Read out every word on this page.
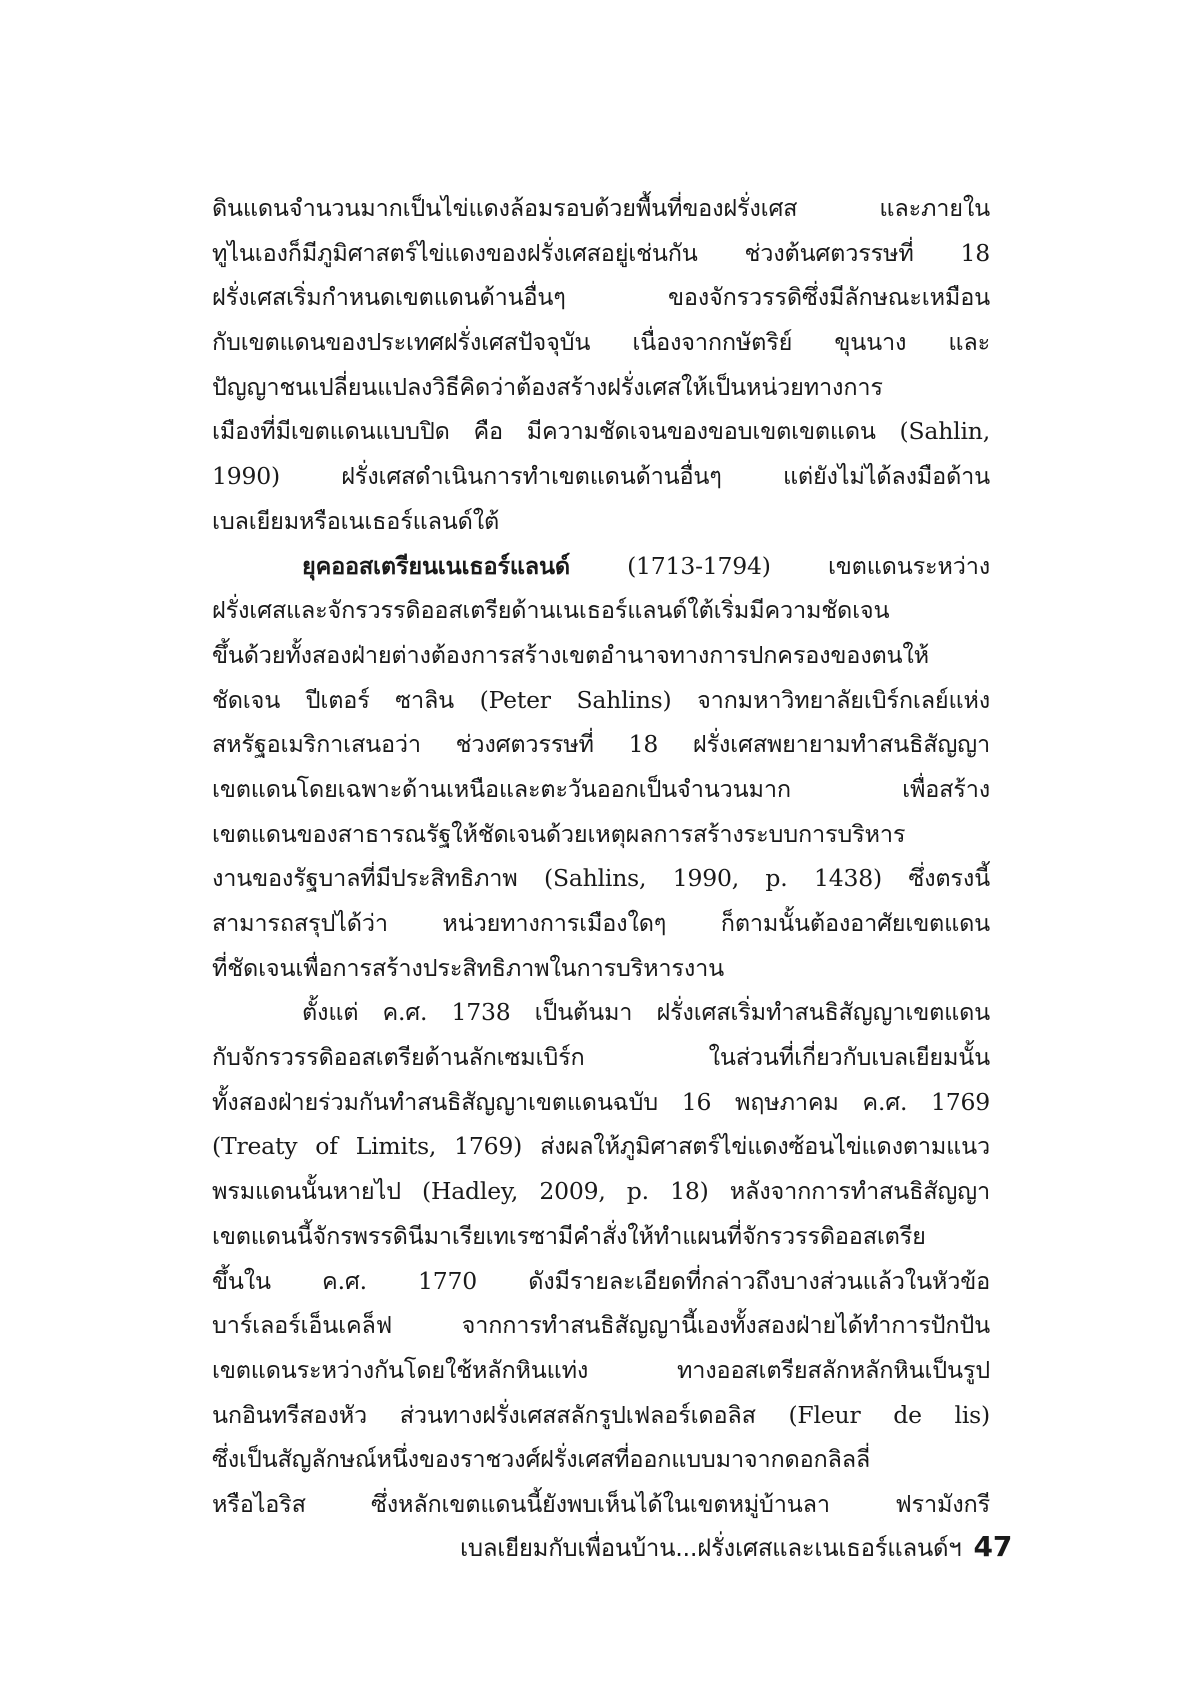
ดินแดนจำนวนมากเป็นไข่แดงล้อมรอบด้วยพื้นที่ของฝรั่งเศส และภายใน
ทูไนเองก็มีภูมิศาสตร์ไข่แดงของฝรั่งเศสอยู่เช่นกัน ช่วงต้นศตวรรษที่ 18
ฝรั่งเศสเริ่มกำหนดเขตแดนด้านอื่นๆ ของจักรวรรดิซึ่งมีลักษณะเหมือน
กับเขตแดนของประเทศฝรั่งเศสปัจจุบัน เนื่องจากกษัตริย์ ขุนนาง และ
ปัญญาชนเปลี่ยนแปลงวิธีคิดว่าต้องสร้างฝรั่งเศสให้เป็นหน่วยทางการ
เมืองที่มีเขตแดนแบบปิด คือ มีความชัดเจนของขอบเขตเขตแดน (Sahlin,
1990) ฝรั่งเศสดำเนินการทำเขตแดนด้านอื่นๆ แต่ยังไม่ได้ลงมือด้าน
เบลเยียมหรือเนเธอร์แลนด์ใต้
ยุคออสเตรียนเนเธอร์แลนด์ (1713-1794) เขตแดนระหว่าง
ฝรั่งเศสและจักรวรรดิออสเตรียด้านเนเธอร์แลนด์ใต้เริ่มมีความชัดเจน
ขึ้นด้วยทั้งสองฝ่ายต่างต้องการสร้างเขตอำนาจทางการปกครองของตนให้
ชัดเจน ปีเตอร์ ซาลิน (Peter Sahlins) จากมหาวิทยาลัยเบิร์กเลย์แห่ง
สหรัฐอเมริกาเสนอว่า ช่วงศตวรรษที่ 18 ฝรั่งเศสพยายามทำสนธิสัญญา
เขตแดนโดยเฉพาะด้านเหนือและตะวันออกเป็นจำนวนมาก เพื่อสร้าง
เขตแดนของสาธารณรัฐให้ชัดเจนด้วยเหตุผลการสร้างระบบการบริหาร
งานของรัฐบาลที่มีประสิทธิภาพ (Sahlins, 1990, p. 1438) ซึ่งตรงนี้
สามารถสรุปได้ว่า หน่วยทางการเมืองใดๆ ก็ตามนั้นต้องอาศัยเขตแดน
ที่ชัดเจนเพื่อการสร้างประสิทธิภาพในการบริหารงาน
ตั้งแต่ ค.ศ. 1738 เป็นต้นมา ฝรั่งเศสเริ่มทำสนธิสัญญาเขตแดน
กับจักรวรรดิออสเตรียด้านลักเซมเบิร์ก ในส่วนที่เกี่ยวกับเบลเยียมนั้น
ทั้งสองฝ่ายร่วมกันทำสนธิสัญญาเขตแดนฉบับ 16 พฤษภาคม ค.ศ. 1769
(Treaty of Limits, 1769) ส่งผลให้ภูมิศาสตร์ไข่แดงซ้อนไข่แดงตามแนว
พรมแดนนั้นหายไป (Hadley, 2009, p. 18) หลังจากการทำสนธิสัญญา
เขตแดนนี้จักรพรรดินีมาเรียเทเรซามีคำสั่งให้ทำแผนที่จักรวรรดิออสเตรีย
ขึ้นใน ค.ศ. 1770 ดังมีรายละเอียดที่กล่าวถึงบางส่วนแล้วในหัวข้อ
บาร์เลอร์เอ็นเคล็ฟ จากการทำสนธิสัญญานี้เองทั้งสองฝ่ายได้ทำการปักปัน
เขตแดนระหว่างกันโดยใช้หลักหินแท่ง ทางออสเตรียสลักหลักหินเป็นรูป
นกอินทรีสองหัว ส่วนทางฝรั่งเศสสลักรูปเฟลอร์เดอลิส (Fleur de lis)
ซึ่งเป็นสัญลักษณ์หนึ่งของราชวงศ์ฝรั่งเศสที่ออกแบบมาจากดอกลิลลี่
หรือไอริส ซึ่งหลักเขตแดนนี้ยังพบเห็นได้ในเขตหมู่บ้านลา ฟรามังกรี
เบลเยียมกับเพื่อนบ้าน...ฝรั่งเศสและเนเธอร์แลนด์ฯ 47
